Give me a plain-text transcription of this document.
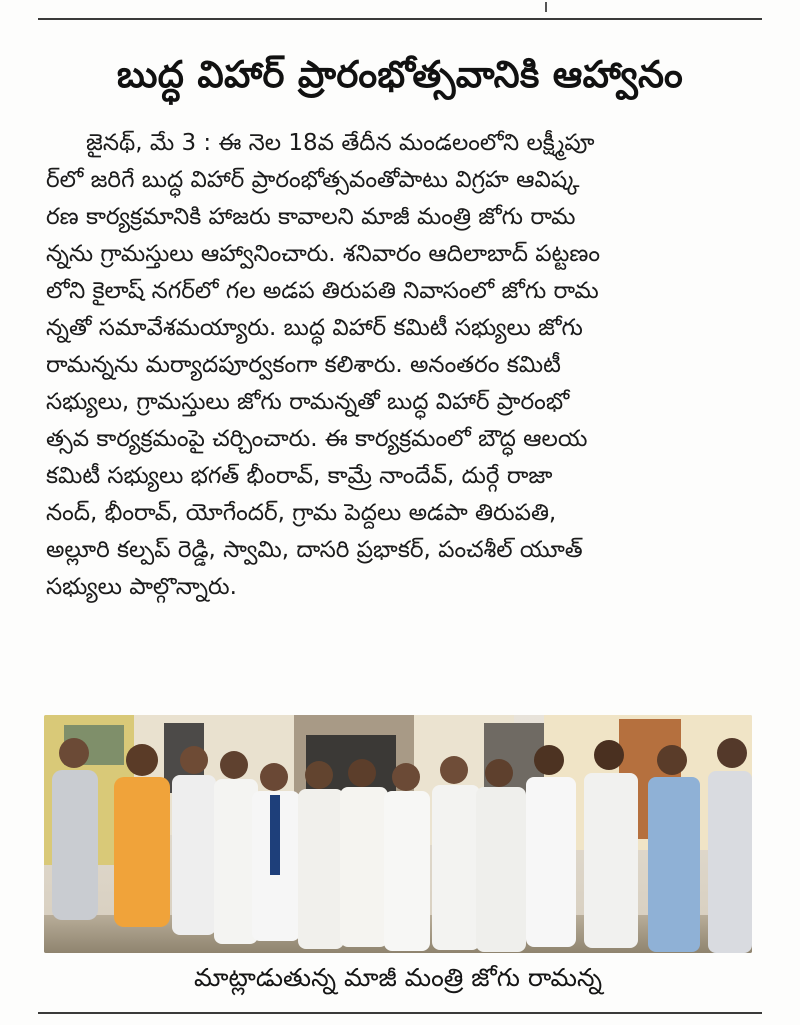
బుద్ధ విహార్ ప్రారంభోత్సవానికి ఆహ్వానం
జైనథ్, మే 3 : ఈ నెల 18వ తేదీన మండలంలోని లక్ష్మీపూ
ర్‌లో జరిగే బుద్ధ విహార్ ప్రారంభోత్సవంతోపాటు విగ్రహ ఆవిష్క
రణ కార్యక్రమానికి హాజరు కావాలని మాజీ మంత్రి జోగు రామ
న్నను గ్రామస్తులు ఆహ్వానించారు. శనివారం ఆదిలాబాద్ పట్టణం
లోని కైలాష్ నగర్‌లో గల అడప తిరుపతి నివాసంలో జోగు రామ
న్నతో సమావేశమయ్యారు. బుద్ధ విహార్ కమిటీ సభ్యులు జోగు
రామన్నను మర్యాదపూర్వకంగా కలిశారు. అనంతరం కమిటీ
సభ్యులు, గ్రామస్తులు జోగు రామన్నతో బుద్ధ విహార్ ప్రారంభో
త్సవ కార్యక్రమంపై చర్చించారు. ఈ కార్యక్రమంలో బౌద్ధ ఆలయ
కమిటీ సభ్యులు భగత్ భీంరావ్, కామ్రే నాందేవ్, దుర్గే రాజా
నంద్, భీంరావ్, యోగేందర్, గ్రామ పెద్దలు అడపా తిరుపతి,
అల్లూరి కల్పప్ రెడ్డి, స్వామి, దాసరి ప్రభాకర్, పంచశీల్ యూత్
సభ్యులు పాల్గొన్నారు.
మాట్లాడుతున్న మాజీ మంత్రి జోగు రామన్న
